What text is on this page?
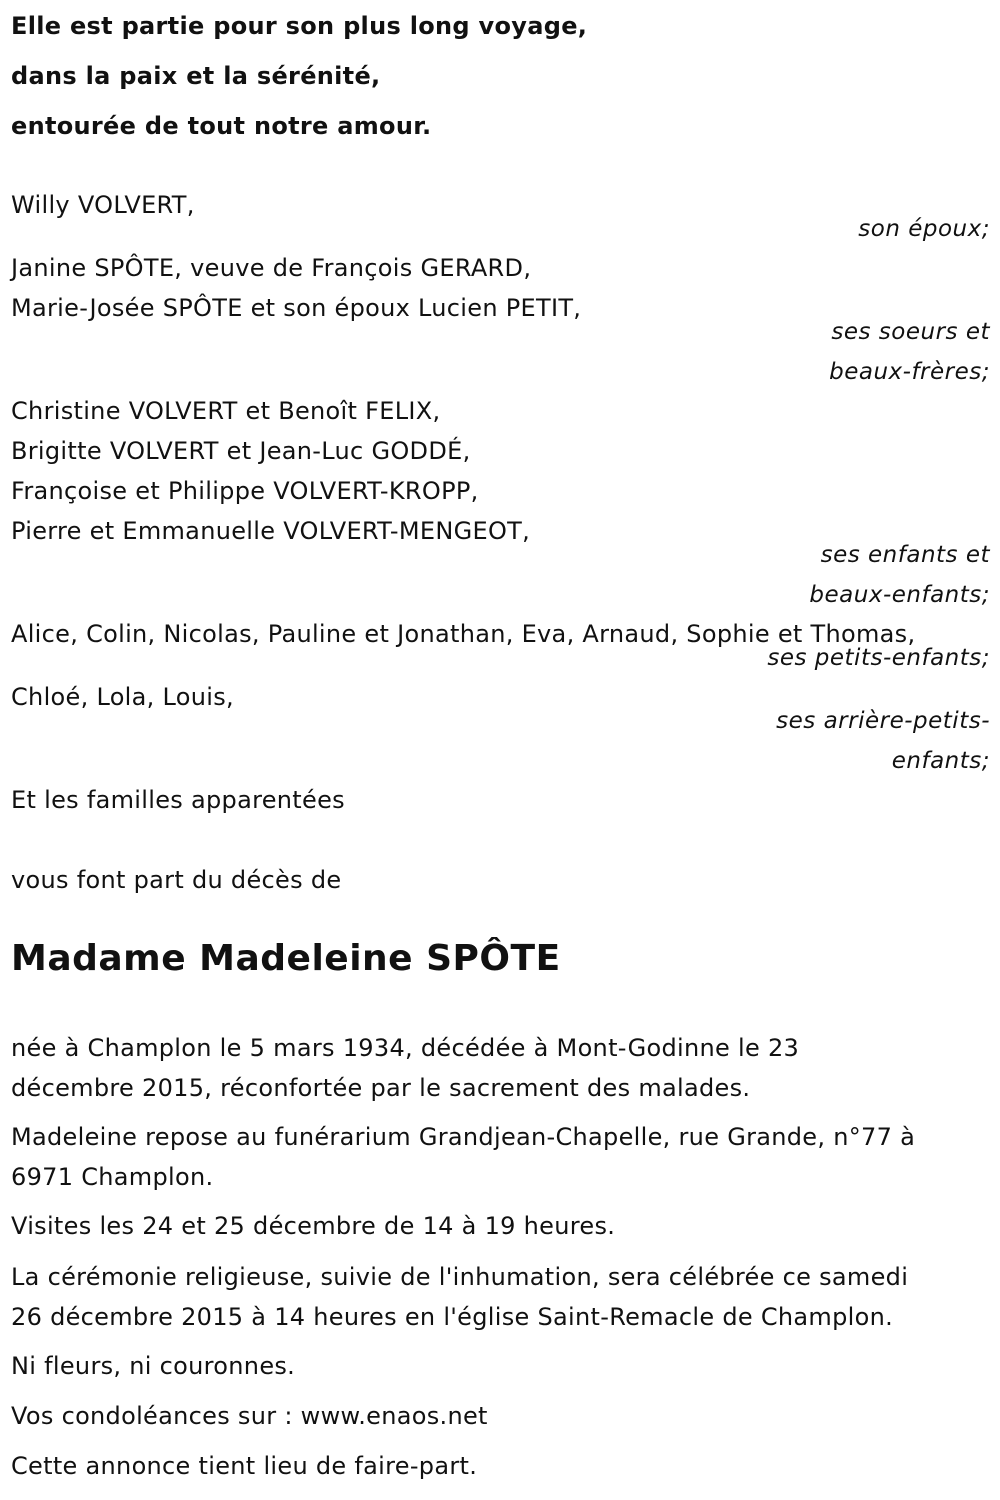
Elle est partie pour son plus long voyage,
dans la paix et la sérénité,
entourée de tout notre amour.
Willy VOLVERT,
son époux;
Janine SPÔTE, veuve de François GERARD,
Marie-Josée SPÔTE et son époux Lucien PETIT,
ses soeurs et
beaux-frères;
Christine VOLVERT et Benoît FELIX,
Brigitte VOLVERT et Jean-Luc GODDÉ,
Françoise et Philippe VOLVERT-KROPP,
Pierre et Emmanuelle VOLVERT-MENGEOT,
ses enfants et
beaux-enfants;
Alice, Colin, Nicolas, Pauline et Jonathan, Eva, Arnaud, Sophie et Thomas,
ses petits-enfants;
Chloé, Lola, Louis,
ses arrière-petits-
enfants;
Et les familles apparentées
vous font part du décès de
Madame Madeleine SPÔTE
née à Champlon le 5 mars 1934, décédée à Mont-Godinne le 23
décembre 2015, réconfortée par le sacrement des malades.
Madeleine repose au funérarium Grandjean-Chapelle, rue Grande, n°77 à
6971 Champlon.
Visites les 24 et 25 décembre de 14 à 19 heures.
La cérémonie religieuse, suivie de l'inhumation, sera célébrée ce samedi
26 décembre 2015 à 14 heures en l'église Saint-Remacle de Champlon.
Ni fleurs, ni couronnes.
Vos condoléances sur : www.enaos.net
Cette annonce tient lieu de faire-part.
